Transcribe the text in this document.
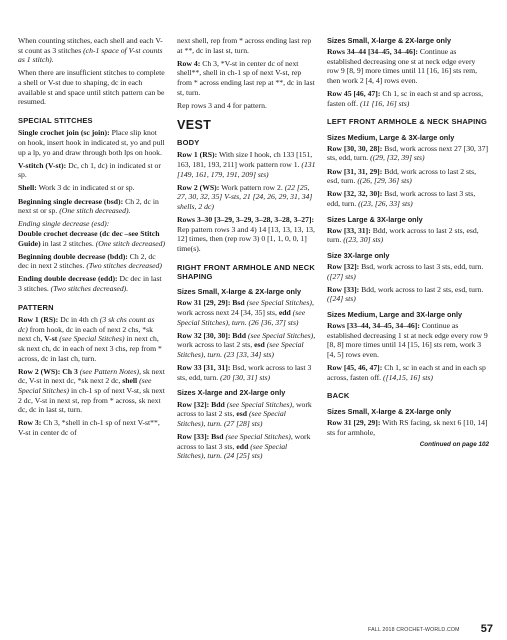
When counting stitches, each shell and each V-st count as 3 stitches (ch-1 space of V-st counts as 1 stitch).

When there are insufficient stitches to complete a shell or V-st due to shaping, dc in each available st and space until stitch pattern can be resumed.

SPECIAL STITCHES

Single crochet join (sc join): Place slip knot on hook, insert hook in indicated st, yo and pull up a lp, yo and draw through both lps on hook.

V-stitch (V-st): Dc, ch 1, dc) in indicated st or sp.

Shell: Work 3 dc in indicated st or sp.

Beginning single decrease (bsd): Ch 2, dc in next st or sp. (One stitch decreased).

Ending single decrease (esd):

Double crochet decrease (dc dec –see Stitch Guide) in last 2 stitches. (One stitch decreased)

Beginning double decrease (bdd): Ch 2, dc dec in next 2 stitches. (Two stitches decreased)

Ending double decrease (edd): Dc dec in last 3 stitches. (Two stitches decreased).

PATTERN

Row 1 (RS): Dc in 4th ch (3 sk chs count as dc) from hook, dc in each of next 2 chs, *sk next ch, V-st (see Special Stitches) in next ch, sk next ch, dc in each of next 3 chs, rep from * across, dc in last ch, turn.

Row 2 (WS): Ch 3 (see Pattern Notes), sk next dc, V-st in next dc, *sk next 2 dc, shell (see Special Stitches) in ch-1 sp of next V-st, sk next 2 dc, V-st in next st, rep from * across, sk next dc, dc in last st, turn.

Row 3: Ch 3, *shell in ch-1 sp of next V-st**, V-st in center dc of

next shell, rep from * across ending last rep at **, dc in last st, turn.

Row 4: Ch 3, *V-st in center dc of next shell**, shell in ch-1 sp of next V-st, rep from * across ending last rep at **, dc in last st, turn.

Rep rows 3 and 4 for pattern.

VEST
BODY

Row 1 (RS): With size I hook, ch 133 [151, 163, 181, 193, 211] work pattern row 1. (131 [149, 161, 179, 191, 209] sts)

Row 2 (WS): Work pattern row 2. (22 [25, 27, 30, 32, 35] V-sts, 21 [24, 26, 29, 31, 34] shells, 2 dc)

Rows 3–30 [3–29, 3–29, 3–28, 3–28, 3–27]: Rep pattern rows 3 and 4) 14 [13, 13, 13, 13, 12] times, then (rep row 3) 0 [1, 1, 0, 0, 1] time(s).

RIGHT FRONT ARMHOLE AND NECK SHAPING
Sizes Small, X-large & 2X-large only

Row 31 [29, 29]: Bsd (see Special Stitches), work across next 24 [34, 35] sts, edd (see Special Stitches), turn. (26 [36, 37] sts)

Row 32 [30, 30]: Bdd (see Special Stitches), work across to last 2 sts, esd (see Special Stitches), turn. (23 [33, 34] sts)

Row 33 [31, 31]: Bsd, work across to last 3 sts, edd, turn. (20 [30, 31] sts)

Sizes X-large and 2X-large only

Row [32]: Bdd (see Special Stitches), work across to last 2 sts, esd (see Special Stitches), turn. (27 [28] sts)

Row [33]: Bsd (see Special Stitches), work across to last 3 sts, edd (see Special Stitches), turn. (24 [25] sts)

Sizes Small, X-large & 2X-large only

Rows 34–44 [34–45, 34–46]: Continue as established decreasing one st at neck edge every row 9 [8, 9] more times until 11 [16, 16] sts rem, then work 2 [4, 4] rows even.

Row 45 [46, 47]: Ch 1, sc in each st and sp across, fasten off. (11 [16, 16] sts)

LEFT FRONT ARMHOLE & NECK SHAPING
Sizes Medium, Large & 3X-large only

Row [30, 30, 28]: Bsd, work across next 27 [30, 37] sts, edd, turn. ((29, [32, 39] sts)

Row [31, 31, 29]: Bdd, work across to last 2 sts, esd, turn. ((26, [29, 36] sts)

Row [32, 32, 30]: Bsd, work across to last 3 sts, edd, turn. ((23, [26, 33] sts)

Sizes Large & 3X-large only

Row [33, 31]: Bdd, work across to last 2 sts, esd, turn. ((23, 30] sts)

Size 3X-large only

Row [32]: Bsd, work across to last 3 sts, edd, turn. ([27] sts)

Row [33]: Bdd, work across to last 2 sts, esd, turn. ([24] sts)

Sizes Medium, Large and 3X-large only

Rows [33–44, 34–45, 34–46]: Continue as established decreasing 1 st at neck edge every row 9 [8, 8] more times until 14 [15, 16] sts rem, work 3 [4, 5] rows even.

Row [45, 46, 47]: Ch 1, sc in each st and in each sp across, fasten off. ([14,15, 16] sts)

BACK
Sizes Small, X-large & 2X-large only

Row 31 [29, 29]: With RS facing, sk next 6 [10, 14] sts for armhole,

Continued on page 102
FALL 2018 CROCHET-WORLD.COM 57
